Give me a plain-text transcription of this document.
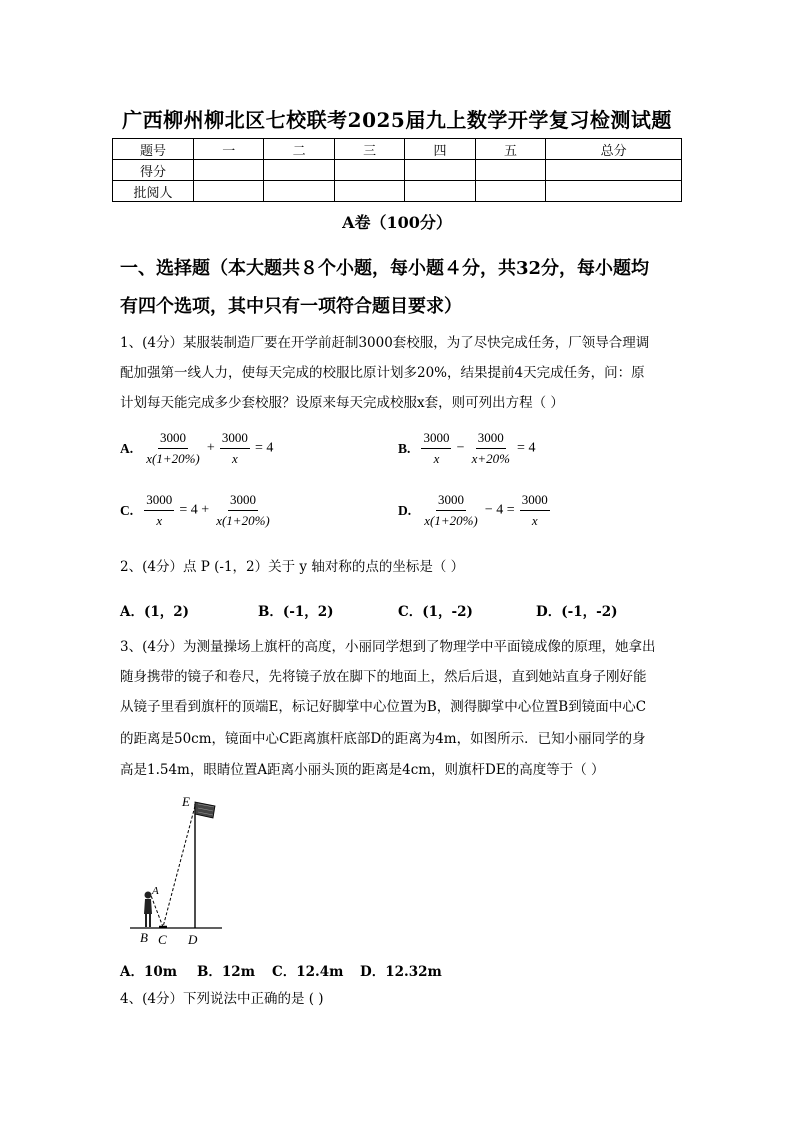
广西柳州柳北区七校联考2025届九上数学开学复习检测试题
题号	一	二	三	四	五	总分
得分						
批阅人						
A卷（100分）
一、选择题（本大题共８个小题，每小题４分，共32分，每小题均
有四个选项，其中只有一项符合题目要求）
1、(4分）某服装制造厂要在开学前赶制3000套校服，为了尽快完成任务，厂领导合理调
配加强第一线人力，使每天完成的校服比原计划多20%，结果提前4天完成任务，问：原
计划每天能完成多少套校服？设原来每天完成校服x套，则可列出方程（ ）
A. $\frac{3000}{x(1+20\%)} + \frac{3000}{x} = 4$	B. $\frac{3000}{x} - \frac{3000}{x+20\%} = 4$
C. $\frac{3000}{x} = 4 + \frac{3000}{x(1+20\%)}$	D. $\frac{3000}{x(1+20\%)} - 4 = \frac{3000}{x}$
2、(4分）点 P (-1，2）关于 y 轴对称的点的坐标是（ ）
A．(1，2)	B．(-1，2)	C．(1，-2)	D．(-1，-2)
3、(4分）为测量操场上旗杆的高度，小丽同学想到了物理学中平面镜成像的原理，她拿出
随身携带的镜子和卷尺，先将镜子放在脚下的地面上，然后后退，直到她站直身子刚好能
从镜子里看到旗杆的顶端E，标记好脚掌中心位置为B，测得脚掌中心位置B到镜面中心C
的距离是50cm，镜面中心C距离旗杆底部D的距离为4m，如图所示．已知小丽同学的身
高是1.54m，眼睛位置A距离小丽头顶的距离是4cm，则旗杆DE的高度等于（ ）
E
A
B C D
A．10m B．12m C．12.4m D．12.32m
4、(4分）下列说法中正确的是 ( )
